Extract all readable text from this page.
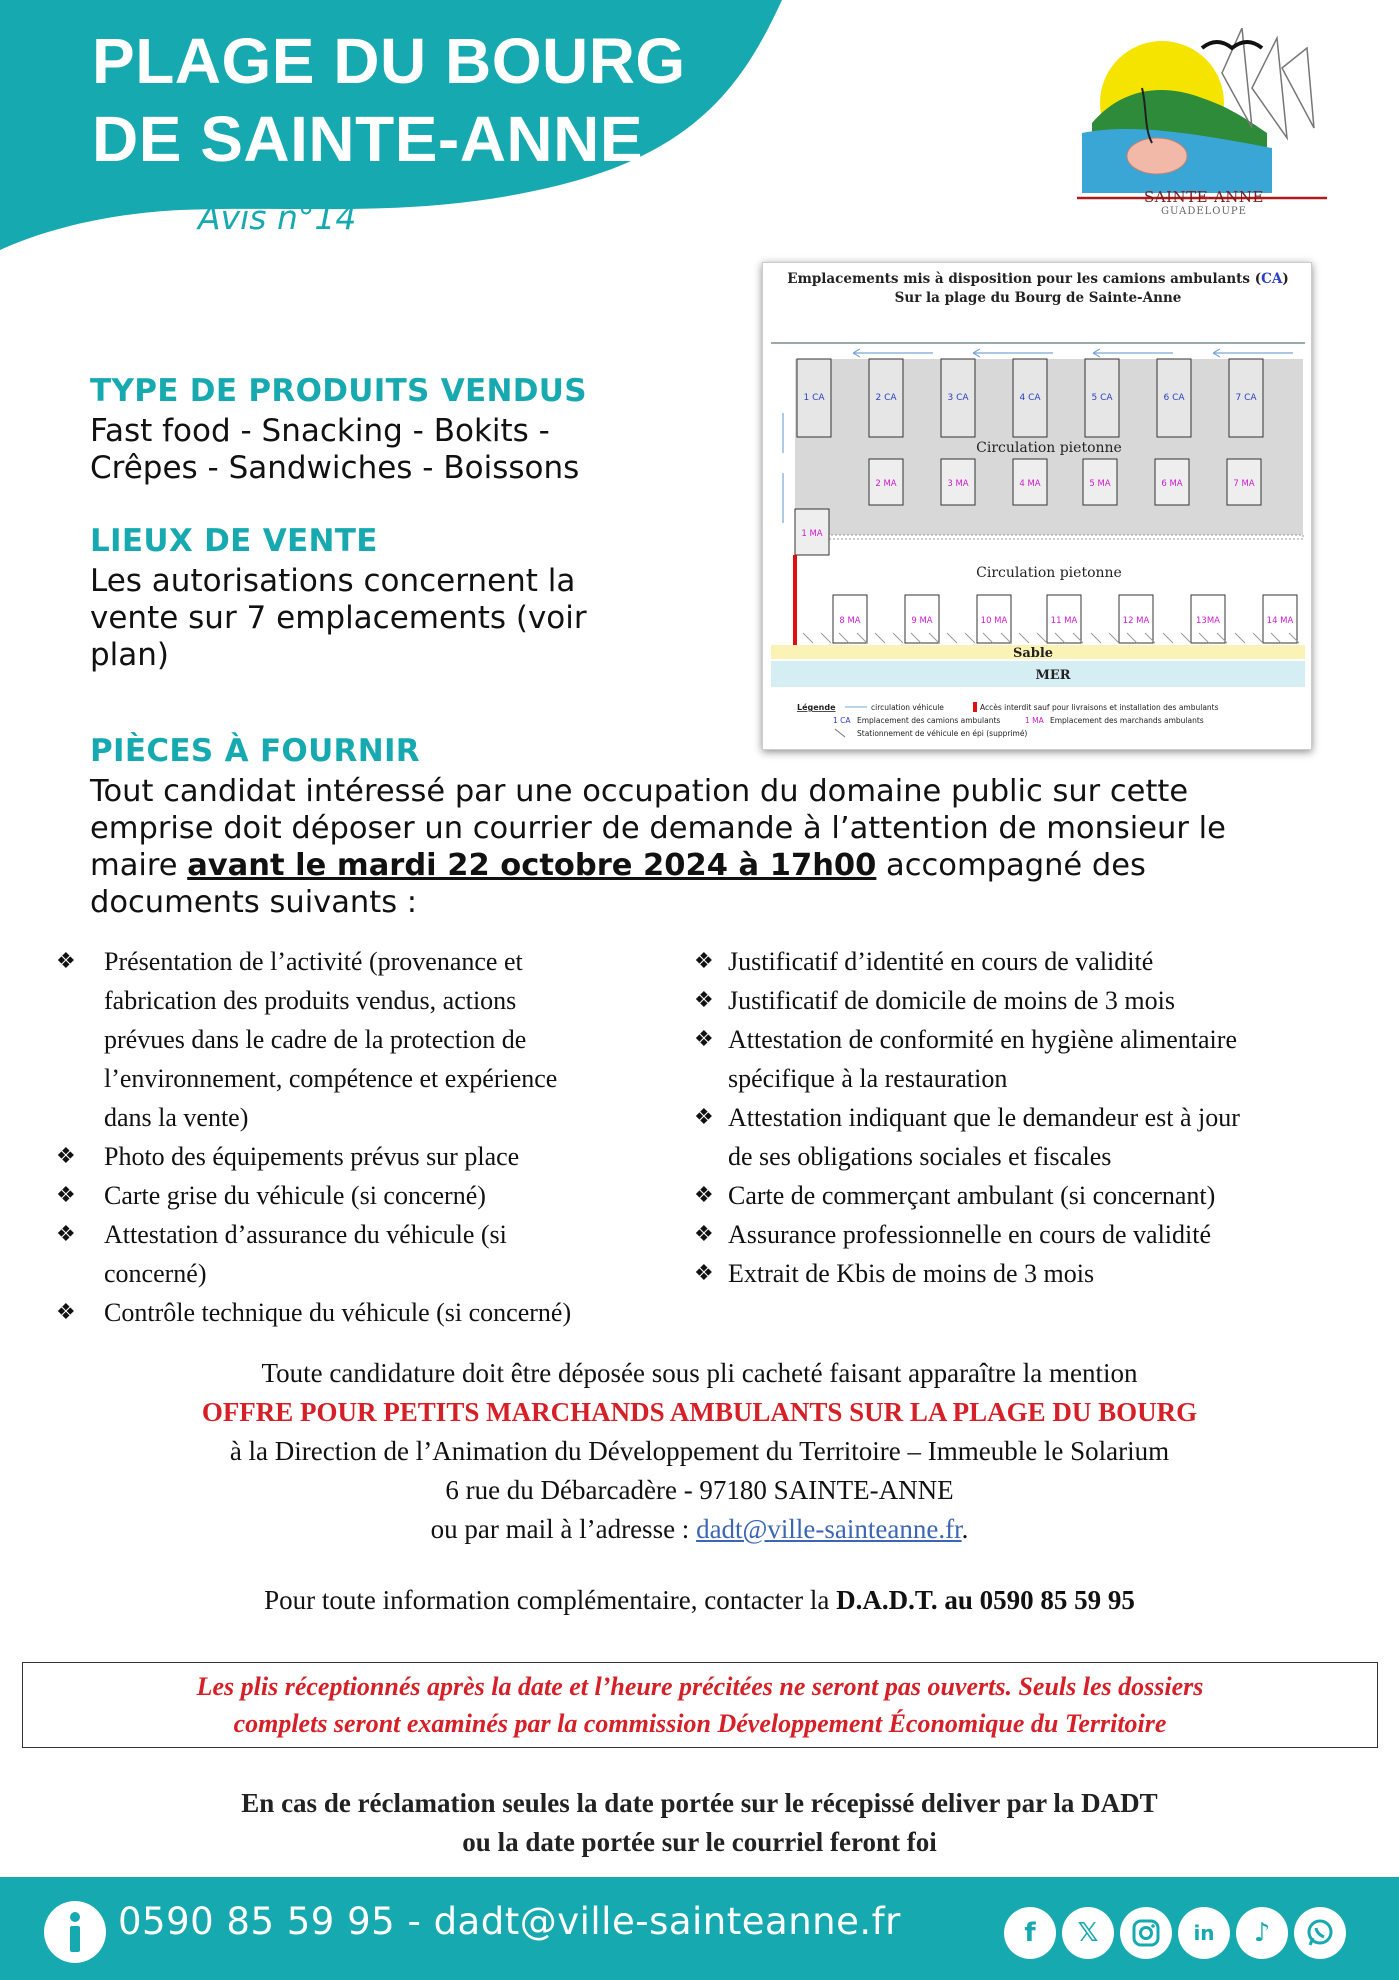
PLAGE DU BOURG
DE SAINTE-ANNE
Avis n°14
SAINTE-ANNE
GUADELOUPE
TYPE DE PRODUITS VENDUS
Fast food - Snacking - Bokits -
Crêpes - Sandwiches - Boissons
LIEUX DE VENTE
Les autorisations concernent la
vente sur 7 emplacements (voir
plan)
PIÈCES À FOURNIR
Tout candidat intéressé par une occupation du domaine public sur cette
emprise doit déposer un courrier de demande à l’attention de monsieur le
maire avant le mardi 22 octobre 2024 à 17h00 accompagné des
documents suivants :
Emplacements mis à disposition pour les camions ambulants (CA)
Sur la plage du Bourg de Sainte-Anne
1 CA	2 CA	3 CA	4 CA	5 CA	6 CA	7 CA
Circulation pietonne
2 MA	3 MA	4 MA	5 MA	6 MA	7 MA
1 MA
Circulation pietonne
8 MA	9 MA	10 MA	11 MA	12 MA	13MA	14 MA
Sable
MER
Légende	circulation véhicule	Accès interdit sauf pour livraisons et installation des ambulants
1 CA Emplacement des camions ambulants	1 MA Emplacement des marchands ambulants
Stationnement de véhicule en épi (supprimé)
❖ Présentation de l’activité (provenance et
fabrication des produits vendus, actions
prévues dans le cadre de la protection de
l’environnement, compétence et expérience
dans la vente)
❖ Photo des équipements prévus sur place
❖ Carte grise du véhicule (si concerné)
❖ Attestation d’assurance du véhicule (si
concerné)
❖ Contrôle technique du véhicule (si concerné)
❖ Justificatif d’identité en cours de validité
❖ Justificatif de domicile de moins de 3 mois
❖ Attestation de conformité en hygiène alimentaire
spécifique à la restauration
❖ Attestation indiquant que le demandeur est à jour
de ses obligations sociales et fiscales
❖ Carte de commerçant ambulant (si concernant)
❖ Assurance professionnelle en cours de validité
❖ Extrait de Kbis de moins de 3 mois
Toute candidature doit être déposée sous pli cacheté faisant apparaître la mention
OFFRE POUR PETITS MARCHANDS AMBULANTS SUR LA PLAGE DU BOURG
à la Direction de l’Animation du Développement du Territoire – Immeuble le Solarium
6 rue du Débarcadère - 97180 SAINTE-ANNE
ou par mail à l’adresse : dadt@ville-sainteanne.fr.
Pour toute information complémentaire, contacter la D.A.D.T. au 0590 85 59 95

Les plis réceptionnés après la date et l’heure précitées ne seront pas ouverts. Seuls les dossiers
complets seront examinés par la commission Développement Économique du Territoire

En cas de réclamation seules la date portée sur le récepissé deliver par la DADT
ou la date portée sur le courriel feront foi
0590 85 59 95 - dadt@ville-sainteanne.fr	f	𝕏	in	♪
